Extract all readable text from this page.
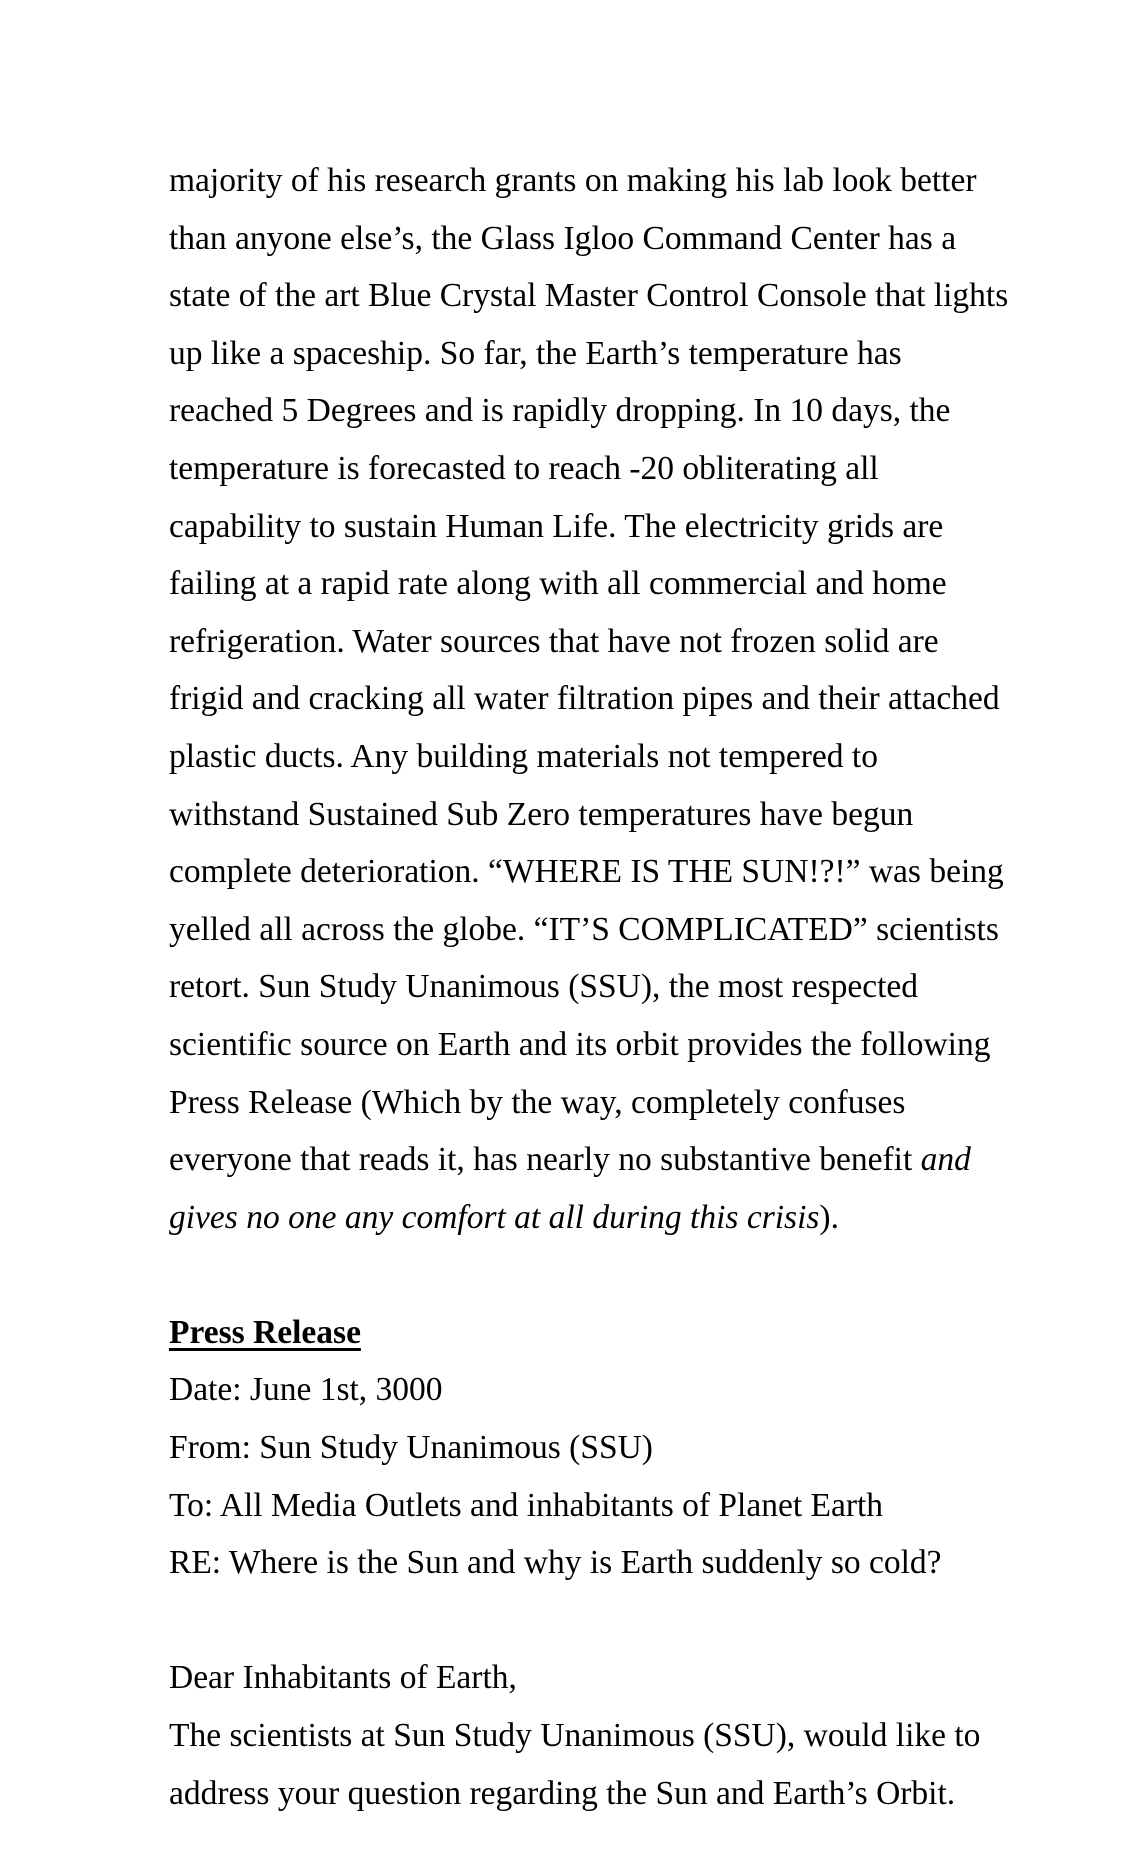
majority of his research grants on making his lab look better
than anyone else’s, the Glass Igloo Command Center has a
state of the art Blue Crystal Master Control Console that lights
up like a spaceship. So far, the Earth’s temperature has
reached 5 Degrees and is rapidly dropping. In 10 days, the
temperature is forecasted to reach -20 obliterating all
capability to sustain Human Life. The electricity grids are
failing at a rapid rate along with all commercial and home
refrigeration. Water sources that have not frozen solid are
frigid and cracking all water filtration pipes and their attached
plastic ducts. Any building materials not tempered to
withstand Sustained Sub Zero temperatures have begun
complete deterioration. “WHERE IS THE SUN!?!” was being
yelled all across the globe. “IT’S COMPLICATED” scientists
retort. Sun Study Unanimous (SSU), the most respected
scientific source on Earth and its orbit provides the following
Press Release (Which by the way, completely confuses
everyone that reads it, has nearly no substantive benefit and
gives no one any comfort at all during this crisis).

Press Release
Date: June 1st, 3000
From: Sun Study Unanimous (SSU)
To: All Media Outlets and inhabitants of Planet Earth
RE: Where is the Sun and why is Earth suddenly so cold?

Dear Inhabitants of Earth,
The scientists at Sun Study Unanimous (SSU), would like to
address your question regarding the Sun and Earth’s Orbit.
